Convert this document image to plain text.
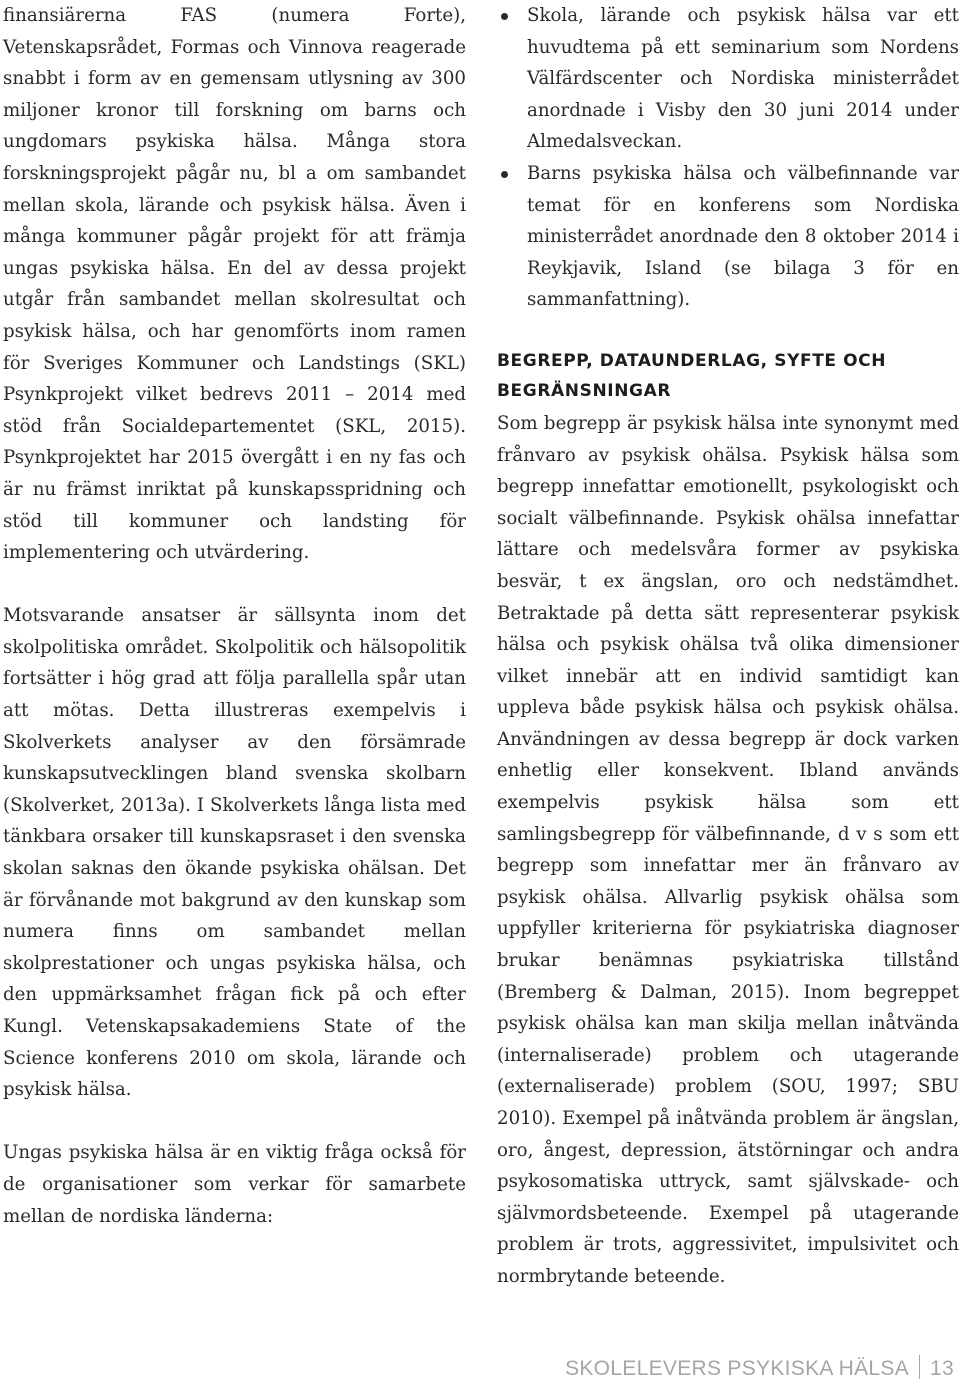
finansiärerna FAS (numera Forte), Vetenskapsrådet, Formas och Vinnova reagerade snabbt i form av en gemensam utlysning av 300 miljoner kronor till forskning om barns och ungdomars psykiska hälsa. Många stora forskningsprojekt pågår nu, bl a om sambandet mellan skola, lärande och psykisk hälsa. Även i många kommuner pågår projekt för att främja ungas psykiska hälsa. En del av dessa projekt utgår från sambandet mellan skolresultat och psykisk hälsa, och har genomförts inom ramen för Sveriges Kommuner och Landstings (SKL) Psynkprojekt vilket bedrevs 2011 – 2014 med stöd från Socialdepartementet (SKL, 2015). Psynkprojektet har 2015 övergått i en ny fas och är nu främst inriktat på kunskapsspridning och stöd till kommuner och landsting för implementering och utvärdering.

Motsvarande ansatser är sällsynta inom det skolpolitiska området. Skolpolitik och hälsopolitik fortsätter i hög grad att följa parallella spår utan att mötas. Detta illustreras exempelvis i Skolverkets analyser av den försämrade kunskapsutvecklingen bland svenska skolbarn (Skolverket, 2013a). I Skolverkets långa lista med tänkbara orsaker till kunskapsraset i den svenska skolan saknas den ökande psykiska ohälsan. Det är förvånande mot bakgrund av den kunskap som numera finns om sambandet mellan skolprestationer och ungas psykiska hälsa, och den uppmärksamhet frågan fick på och efter Kungl. Vetenskapsakademiens State of the Science konferens 2010 om skola, lärande och psykisk hälsa.

Ungas psykiska hälsa är en viktig fråga också för de organisationer som verkar för samarbete mellan de nordiska länderna:

Skola, lärande och psykisk hälsa var ett huvudtema på ett seminarium som Nordens Välfärdscenter och Nordiska ministerrådet anordnade i Visby den 30 juni 2014 under Almedalsveckan.
Barns psykiska hälsa och välbefinnande var temat för en konferens som Nordiska ministerrådet anordnade den 8 oktober 2014 i Reykjavik, Island (se bilaga 3 för en sammanfattning).
BEGREPP, DATAUNDERLAG, SYFTE OCH BEGRÄNSNINGAR

Som begrepp är psykisk hälsa inte synonymt med frånvaro av psykisk ohälsa. Psykisk hälsa som begrepp innefattar emotionellt, psykologiskt och socialt välbefinnande. Psykisk ohälsa innefattar lättare och medelsvåra former av psykiska besvär, t ex ängslan, oro och nedstämdhet. Betraktade på detta sätt representerar psykisk hälsa och psykisk ohälsa två olika dimensioner vilket innebär att en individ samtidigt kan uppleva både psykisk hälsa och psykisk ohälsa. Användningen av dessa begrepp är dock varken enhetlig eller konsekvent. Ibland används exempelvis psykisk hälsa som ett samlingsbegrepp för välbefinnande, d v s som ett begrepp som innefattar mer än frånvaro av psykisk ohälsa. Allvarlig psykisk ohälsa som uppfyller kriterierna för psykiatriska diagnoser brukar benämnas psykiatriska tillstånd (Bremberg & Dalman, 2015). Inom begreppet psykisk ohälsa kan man skilja mellan inåtvända (internaliserade) problem och utagerande (externaliserade) problem (SOU, 1997; SBU 2010). Exempel på inåtvända problem är ängslan, oro, ångest, depression, ätstörningar och andra psykosomatiska uttryck, samt självskade- och självmordsbeteende. Exempel på utagerande problem är trots, aggressivitet, impulsivitet och normbrytande beteende.

SKOLELEVERS PSYKISKA HÄLSA 13
